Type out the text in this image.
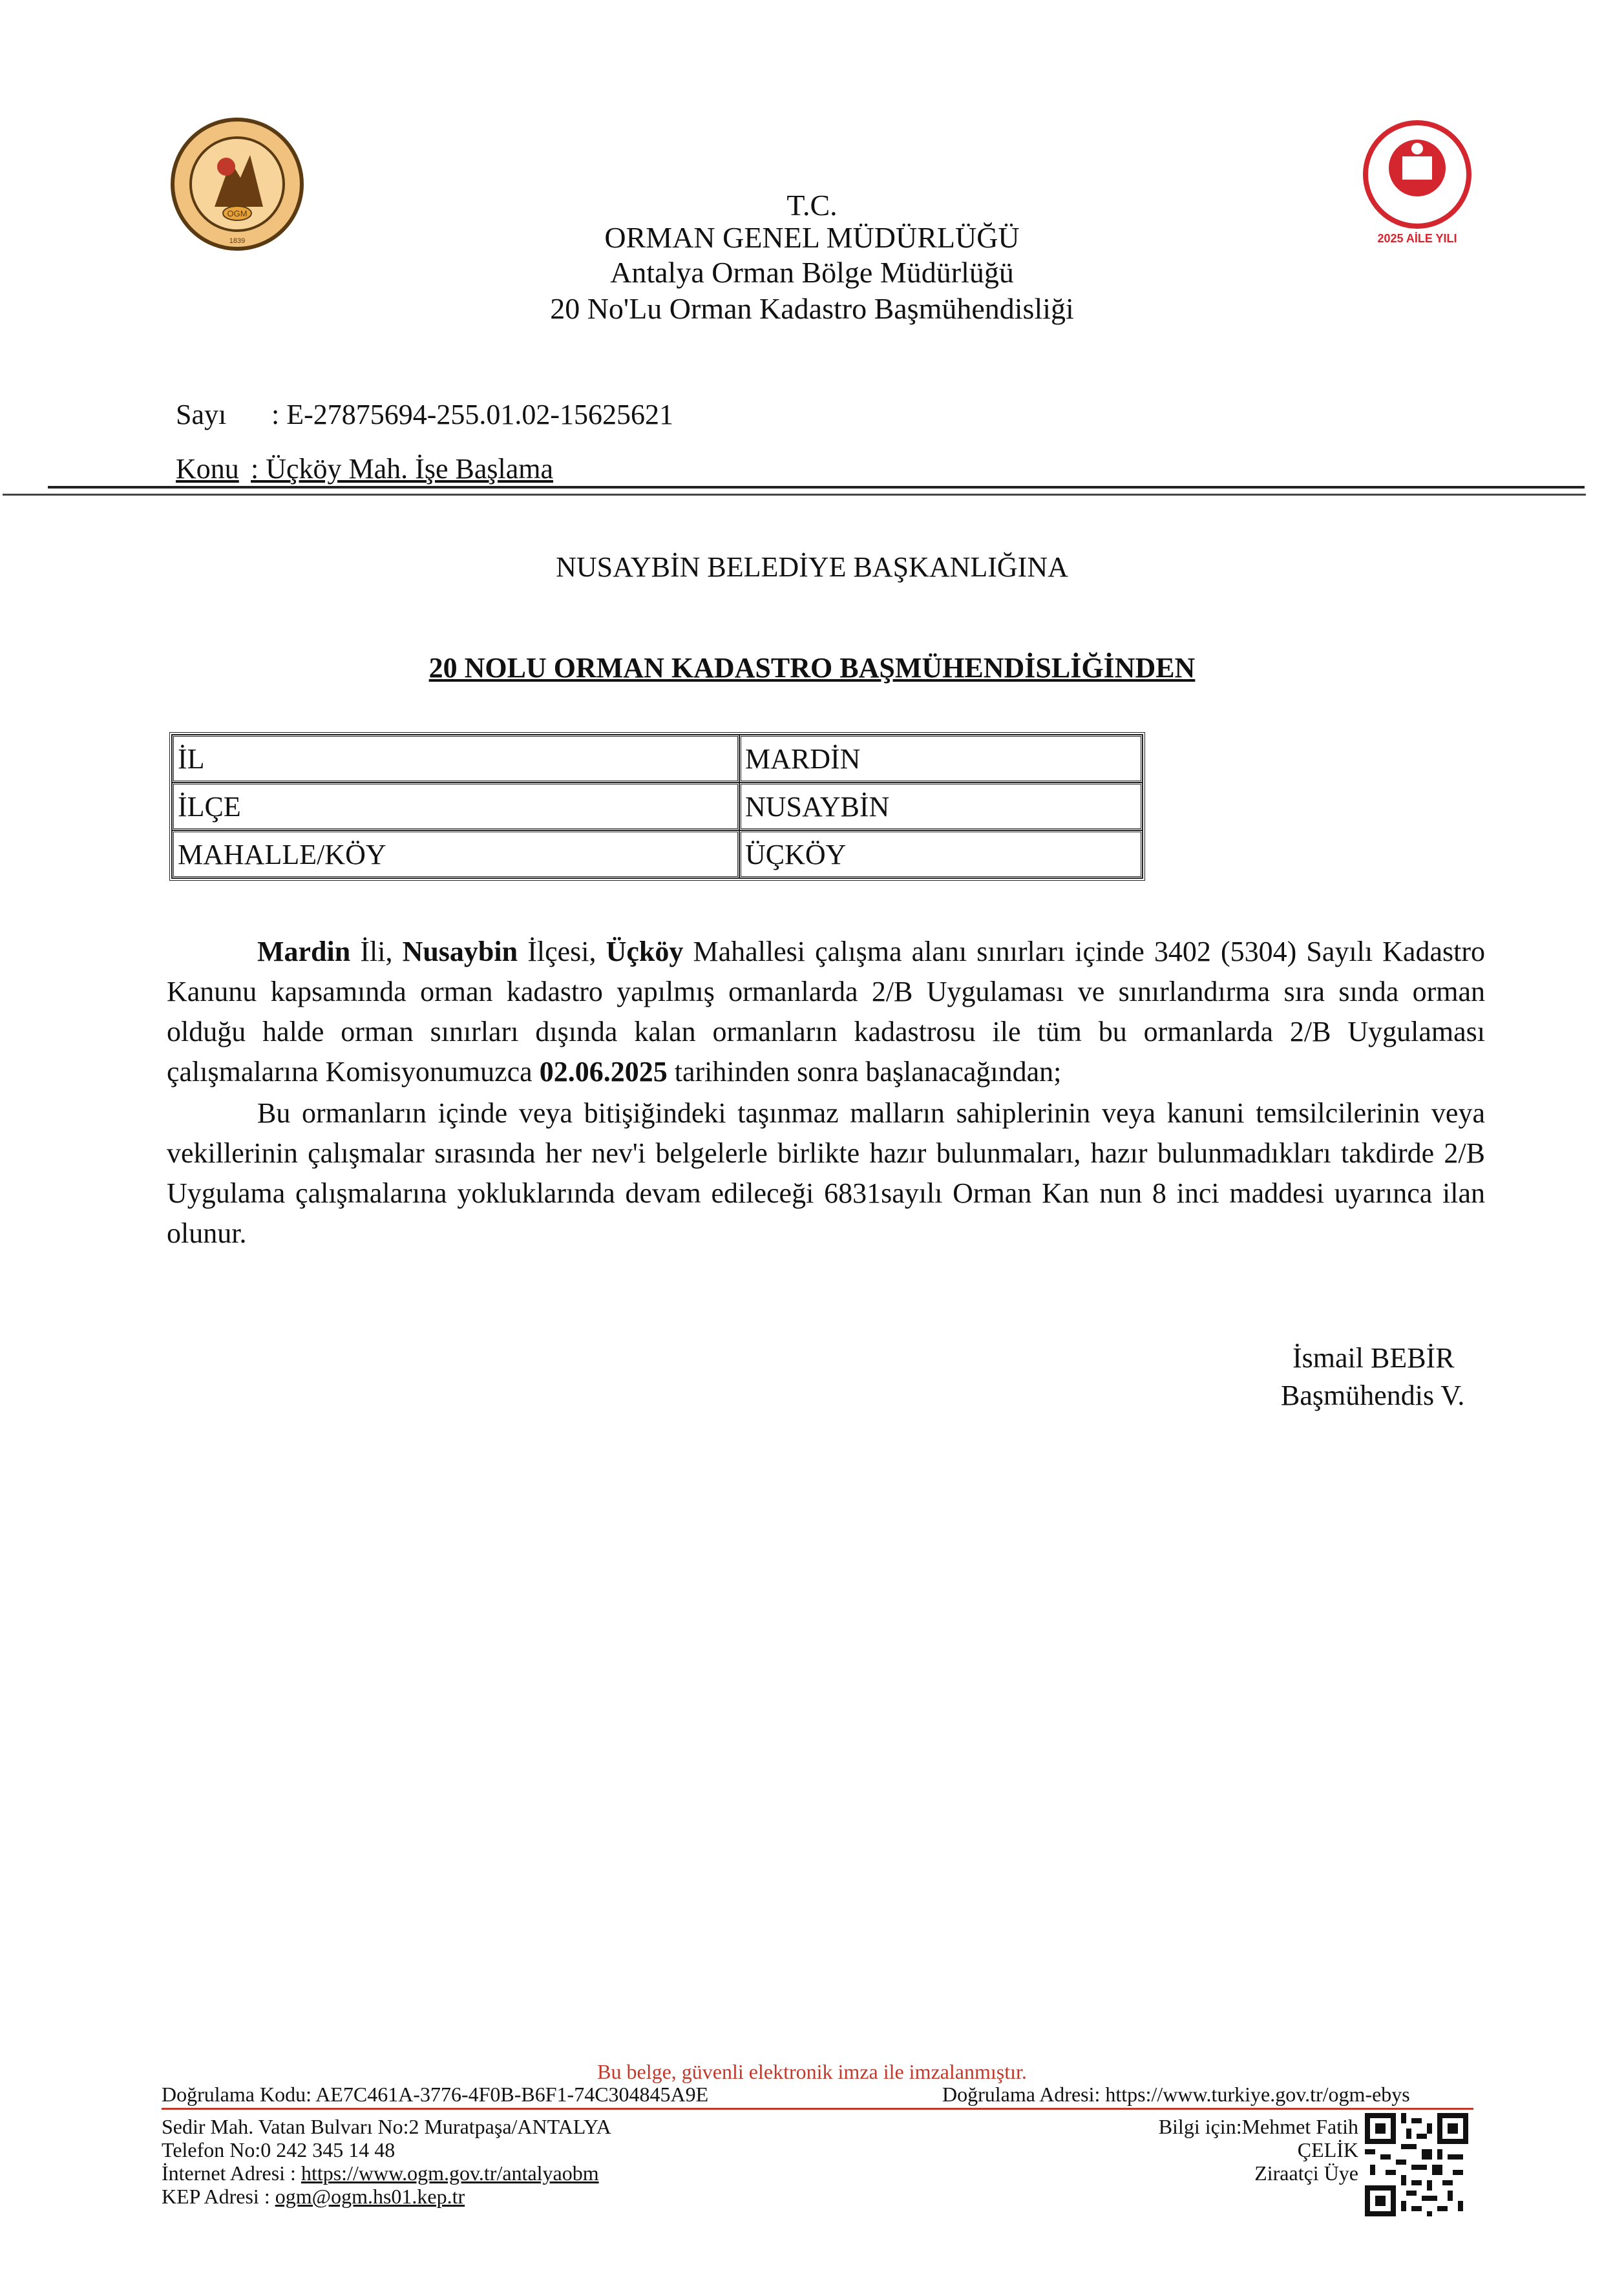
OGM
1839	2025 AİLE YILI
T.C.
ORMAN GENEL MÜDÜRLÜĞÜ
Antalya Orman Bölge Müdürlüğü
20 No'Lu Orman Kadastro Başmühendisliği
Sayı : E-27875694-255.01.02-15625621
Konu : Üçköy Mah. İşe Başlama
NUSAYBİN BELEDİYE BAŞKANLIĞINA
20 NOLU ORMAN KADASTRO BAŞMÜHENDİSLİĞİNDEN
İL	MARDİN
İLÇE	NUSAYBİN
MAHALLE/KÖY	ÜÇKÖY
Mardin İli, Nusaybin İlçesi, Üçköy Mahallesi çalışma alanı sınırları içinde 3402 (5304) Sayılı Kadastro Kanunu kapsamında orman kadastro yapılmış ormanlarda 2/B Uygulaması ve sınırlandırma sıra sında orman olduğu halde orman sınırları dışında kalan ormanların kadastrosu ile tüm bu ormanlarda 2/B Uygulaması çalışmalarına Komisyonumuzca 02.06.2025 tarihinden sonra başlanacağından;
Bu ormanların içinde veya bitişiğindeki taşınmaz malların sahiplerinin veya kanuni temsilcilerinin veya vekillerinin çalışmalar sırasında her nev'i belgelerle birlikte hazır bulunmaları, hazır bulunmadıkları takdirde 2/B Uygulama çalışmalarına yokluklarında devam edileceği 6831sayılı Orman Kan nun 8 inci maddesi uyarınca ilan olunur.
İsmail BEBİR
Başmühendis V.
Bu belge, güvenli elektronik imza ile imzalanmıştır.
Doğrulama Kodu: AE7C461A-3776-4F0B-B6F1-74C304845A9E	Doğrulama Adresi: https://www.turkiye.gov.tr/ogm-ebys
Sedir Mah. Vatan Bulvarı No:2 Muratpaşa/ANTALYA
Telefon No:0 242 345 14 48
İnternet Adresi : https://www.ogm.gov.tr/antalyaobm
KEP Adresi : ogm@ogm.hs01.kep.tr
Bilgi için:Mehmet Fatih
ÇELİK
Ziraatçi Üye
